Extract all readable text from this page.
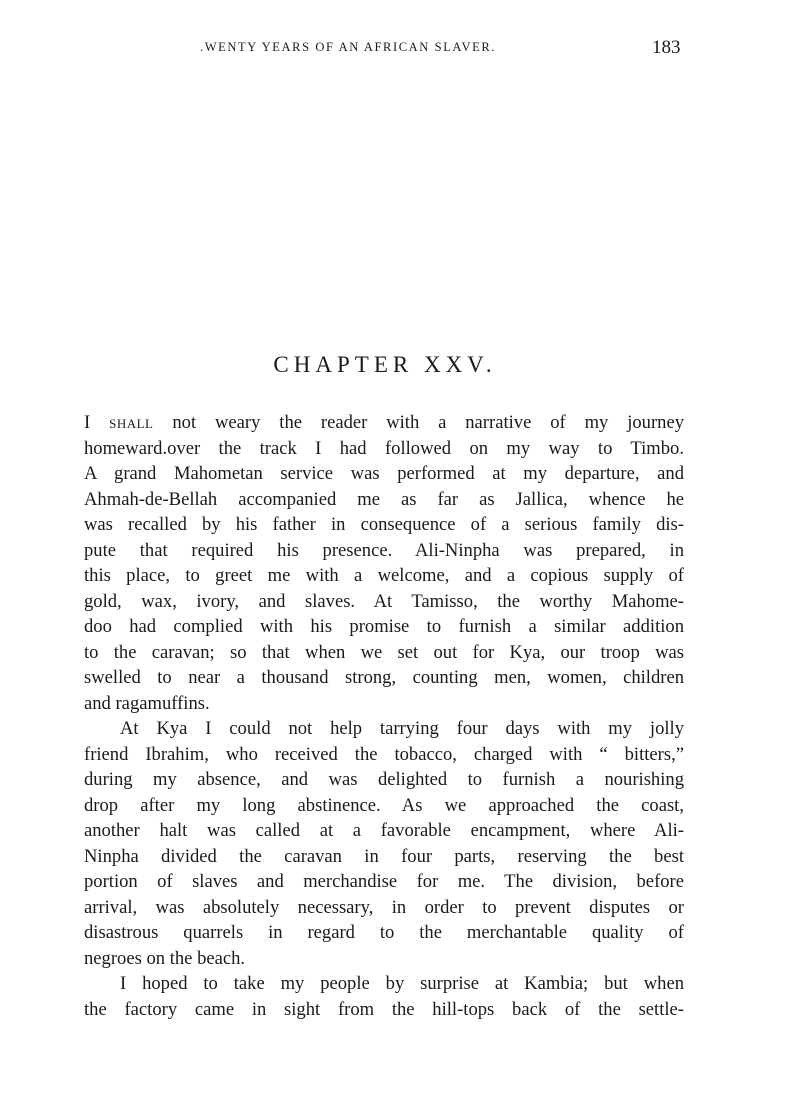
.WENTY YEARS OF AN AFRICAN SLAVER.	183
CHAPTER XXV.
I shall not weary the reader with a narrative of my journey
homeward.over the track I had followed on my way to Timbo.
A grand Mahometan service was performed at my departure, and
Ahmah-de-Bellah accompanied me as far as Jallica, whence he
was recalled by his father in consequence of a serious family dis-
pute that required his presence. Ali-Ninpha was prepared, in
this place, to greet me with a welcome, and a copious supply of
gold, wax, ivory, and slaves. At Tamisso, the worthy Mahome-
doo had complied with his promise to furnish a similar addition
to the caravan; so that when we set out for Kya, our troop was
swelled to near a thousand strong, counting men, women, children
and ragamuffins.
At Kya I could not help tarrying four days with my jolly
friend Ibrahim, who received the tobacco, charged with “ bitters,”
during my absence, and was delighted to furnish a nourishing
drop after my long abstinence. As we approached the coast,
another halt was called at a favorable encampment, where Ali-
Ninpha divided the caravan in four parts, reserving the best
portion of slaves and merchandise for me. The division, before
arrival, was absolutely necessary, in order to prevent disputes or
disastrous quarrels in regard to the merchantable quality of
negroes on the beach.
I hoped to take my people by surprise at Kambia; but when
the factory came in sight from the hill-tops back of the settle-
